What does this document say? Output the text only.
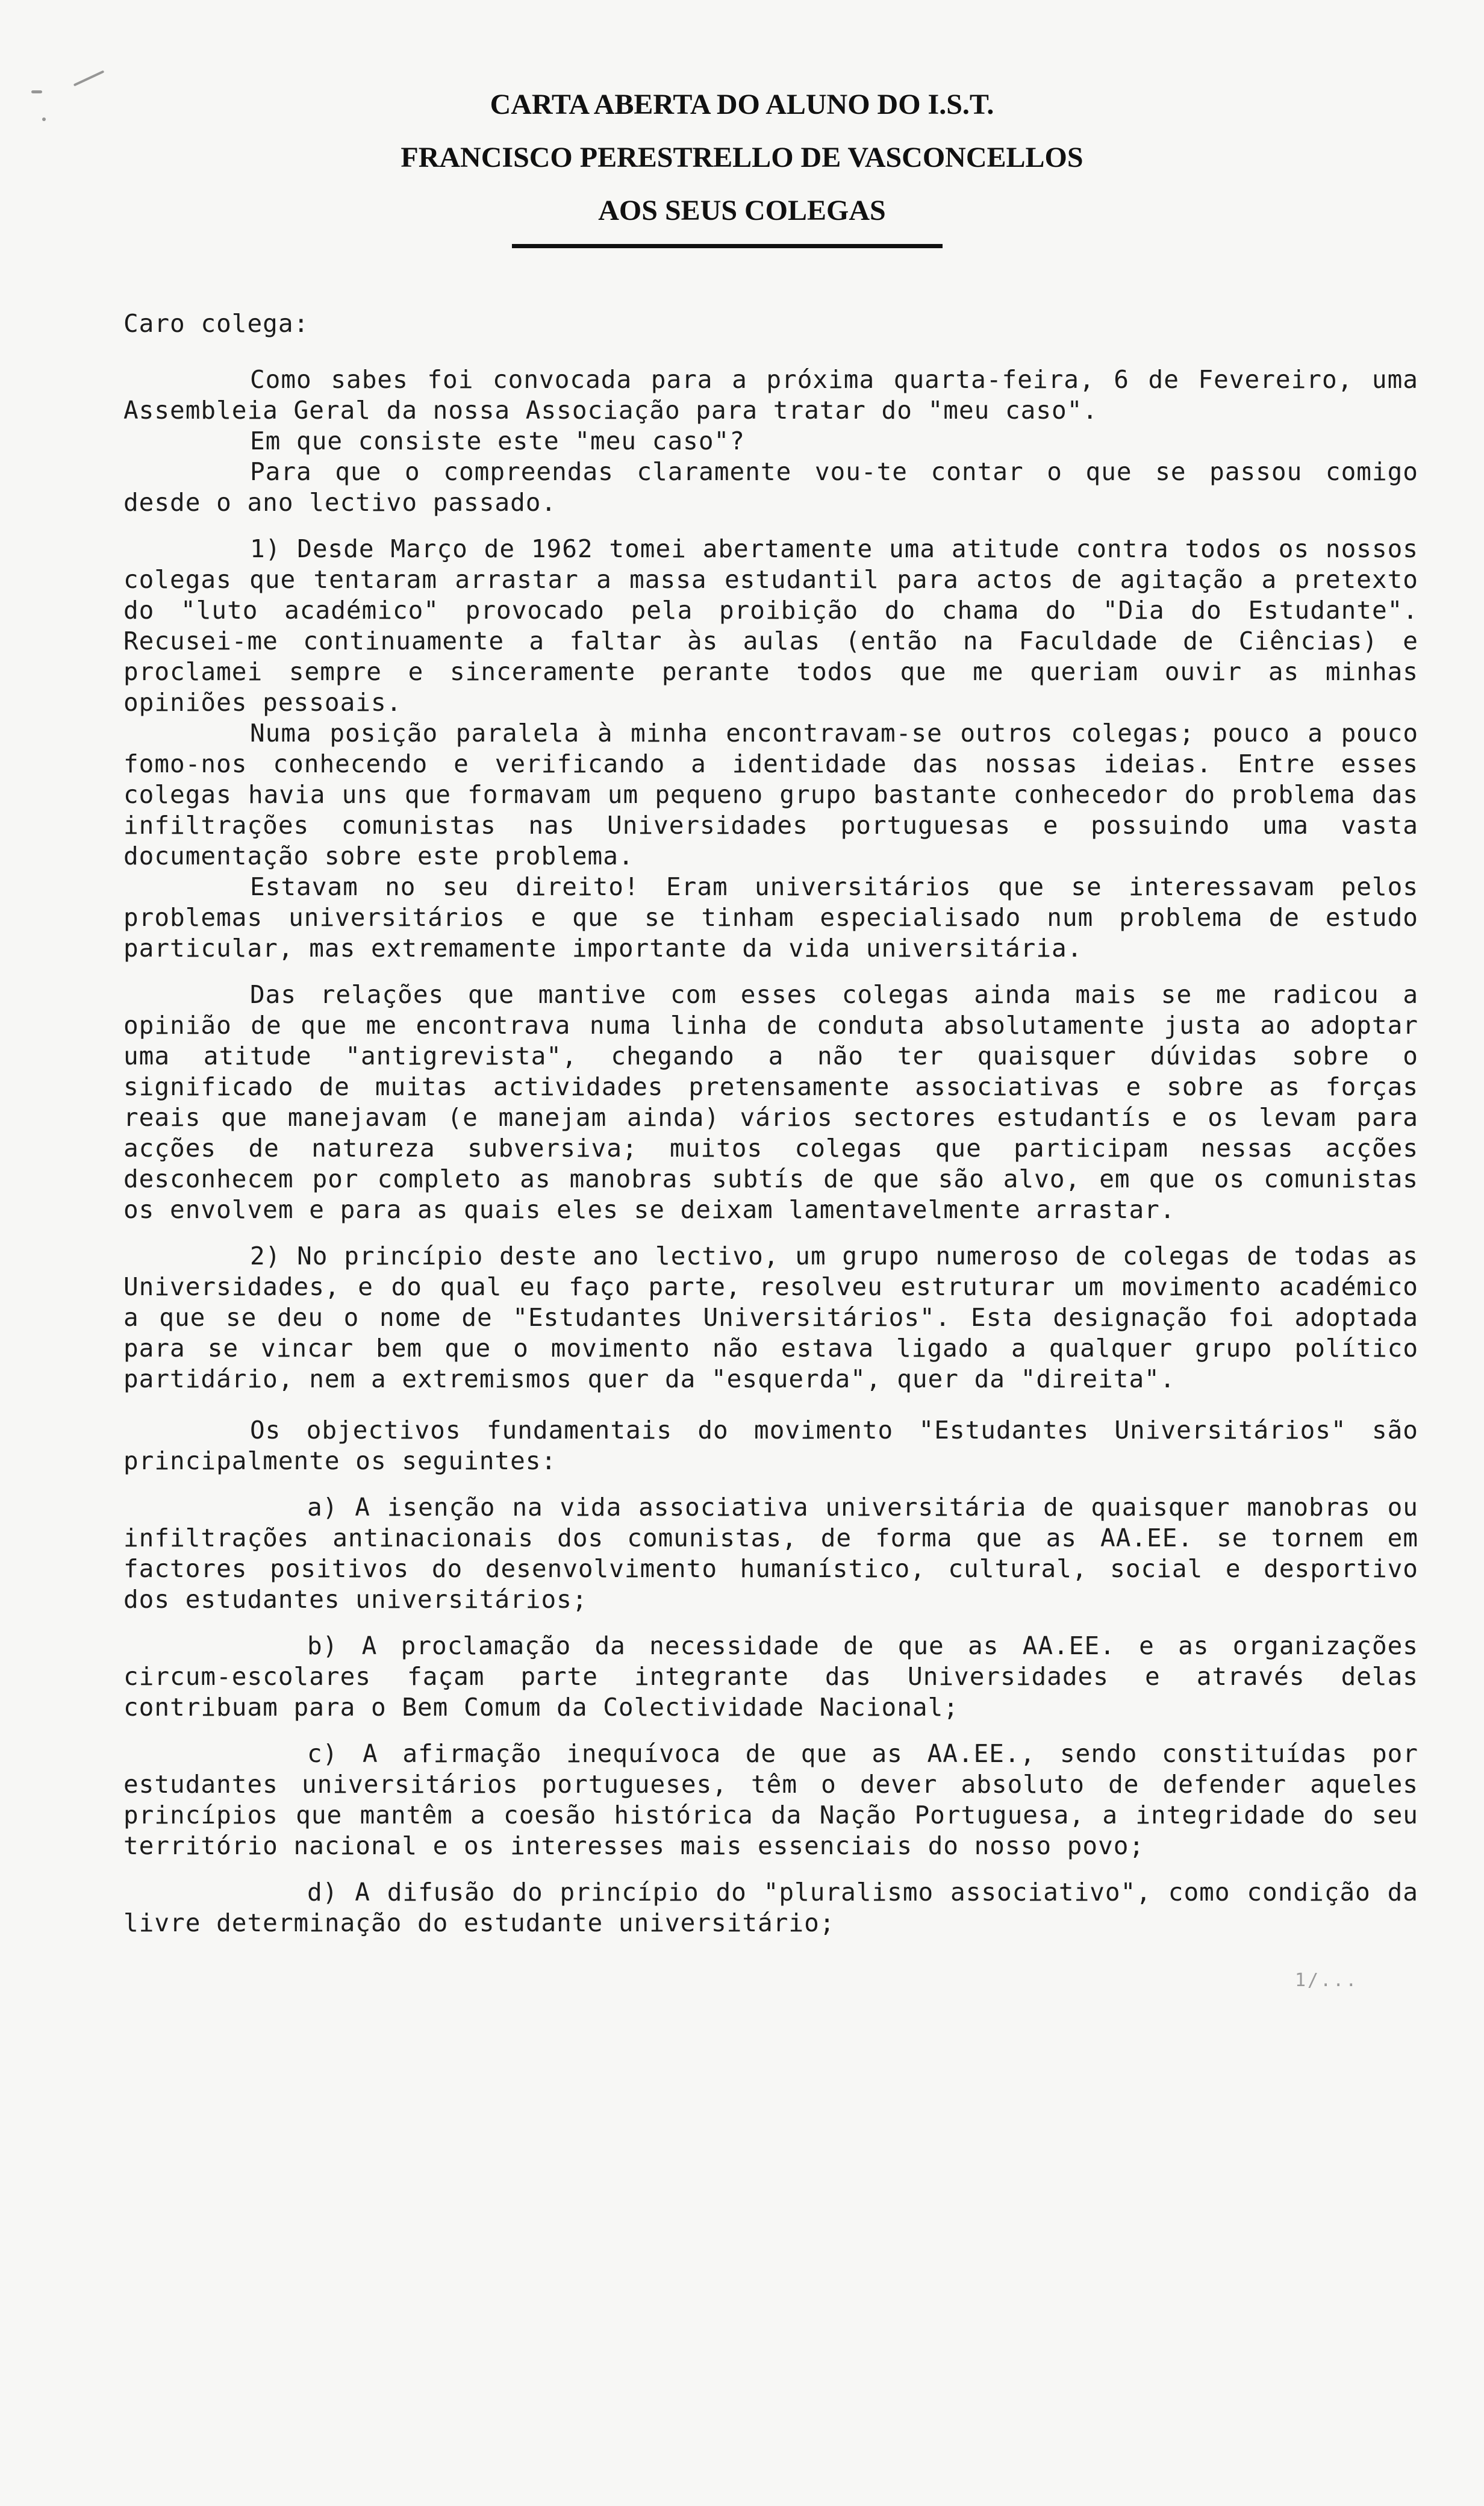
CARTA ABERTA DO ALUNO DO I.S.T.
FRANCISCO PERESTRELLO DE VASCONCELLOS
AOS SEUS COLEGAS

Caro colega:

Como sabes foi convocada para a próxima quarta-feira, 6 de Fevereiro, uma Assembleia Geral da nossa Associação para tratar do "meu caso".

Em que consiste este "meu caso"?

Para que o compreendas claramente vou-te contar o que se passou comigo desde o ano lectivo passado.

1) Desde Março de 1962 tomei abertamente uma atitude contra todos os nossos colegas que tentaram arrastar a massa estudantil para actos de agitação a pretexto do "luto académico" provocado pela proibição do chama do "Dia do Estudante". Recusei-me continuamente a faltar às aulas (então na Faculdade de Ciências) e proclamei sempre e sinceramente perante todos que me queriam ouvir as minhas opiniões pessoais.

Numa posição paralela à minha encontravam-se outros colegas; pouco a pouco fomo-nos conhecendo e verificando a identidade das nossas ideias. Entre esses colegas havia uns que formavam um pequeno grupo bastante conhecedor do problema das infiltrações comunistas nas Universidades portuguesas e possuindo uma vasta documentação sobre este problema.

Estavam no seu direito! Eram universitários que se interessavam pelos problemas universitários e que se tinham especialisado num problema de estudo particular, mas extremamente importante da vida universitária.

Das relações que mantive com esses colegas ainda mais se me radicou a opinião de que me encontrava numa linha de conduta absolutamente justa ao adoptar uma atitude "antigrevista", chegando a não ter quaisquer dúvidas sobre o significado de muitas actividades pretensamente associativas e sobre as forças reais que manejavam (e manejam ainda) vários sectores estudantís e os levam para acções de natureza subversiva; muitos colegas que participam nessas acções desconhecem por completo as manobras subtís de que são alvo, em que os comunistas os envolvem e para as quais eles se deixam lamentavelmente arrastar.

2) No princípio deste ano lectivo, um grupo numeroso de colegas de todas as Universidades, e do qual eu faço parte, resolveu estruturar um movimento académico a que se deu o nome de "Estudantes Universitários". Esta designação foi adoptada para se vincar bem que o movimento não estava ligado a qualquer grupo político partidário, nem a extremismos quer da "esquerda", quer da "direita".

Os objectivos fundamentais do movimento "Estudantes Universitários" são principalmente os seguintes:

a) A isenção na vida associativa universitária de quaisquer manobras ou infiltrações antinacionais dos comunistas, de forma que as AA.EE. se tornem em factores positivos do desenvolvimento humanístico, cultural, social e desportivo dos estudantes universitários;

b) A proclamação da necessidade de que as AA.EE. e as organizações circum-escolares façam parte integrante das Universidades e através delas contribuam para o Bem Comum da Colectividade Nacional;

c) A afirmação inequívoca de que as AA.EE., sendo constituídas por estudantes universitários portugueses, têm o dever absoluto de defender aqueles princípios que mantêm a coesão histórica da Nação Portuguesa, a integridade do seu território nacional e os interesses mais essenciais do nosso povo;

d) A difusão do princípio do "pluralismo associativo", como condição da livre determinação do estudante universitário;

1/...
